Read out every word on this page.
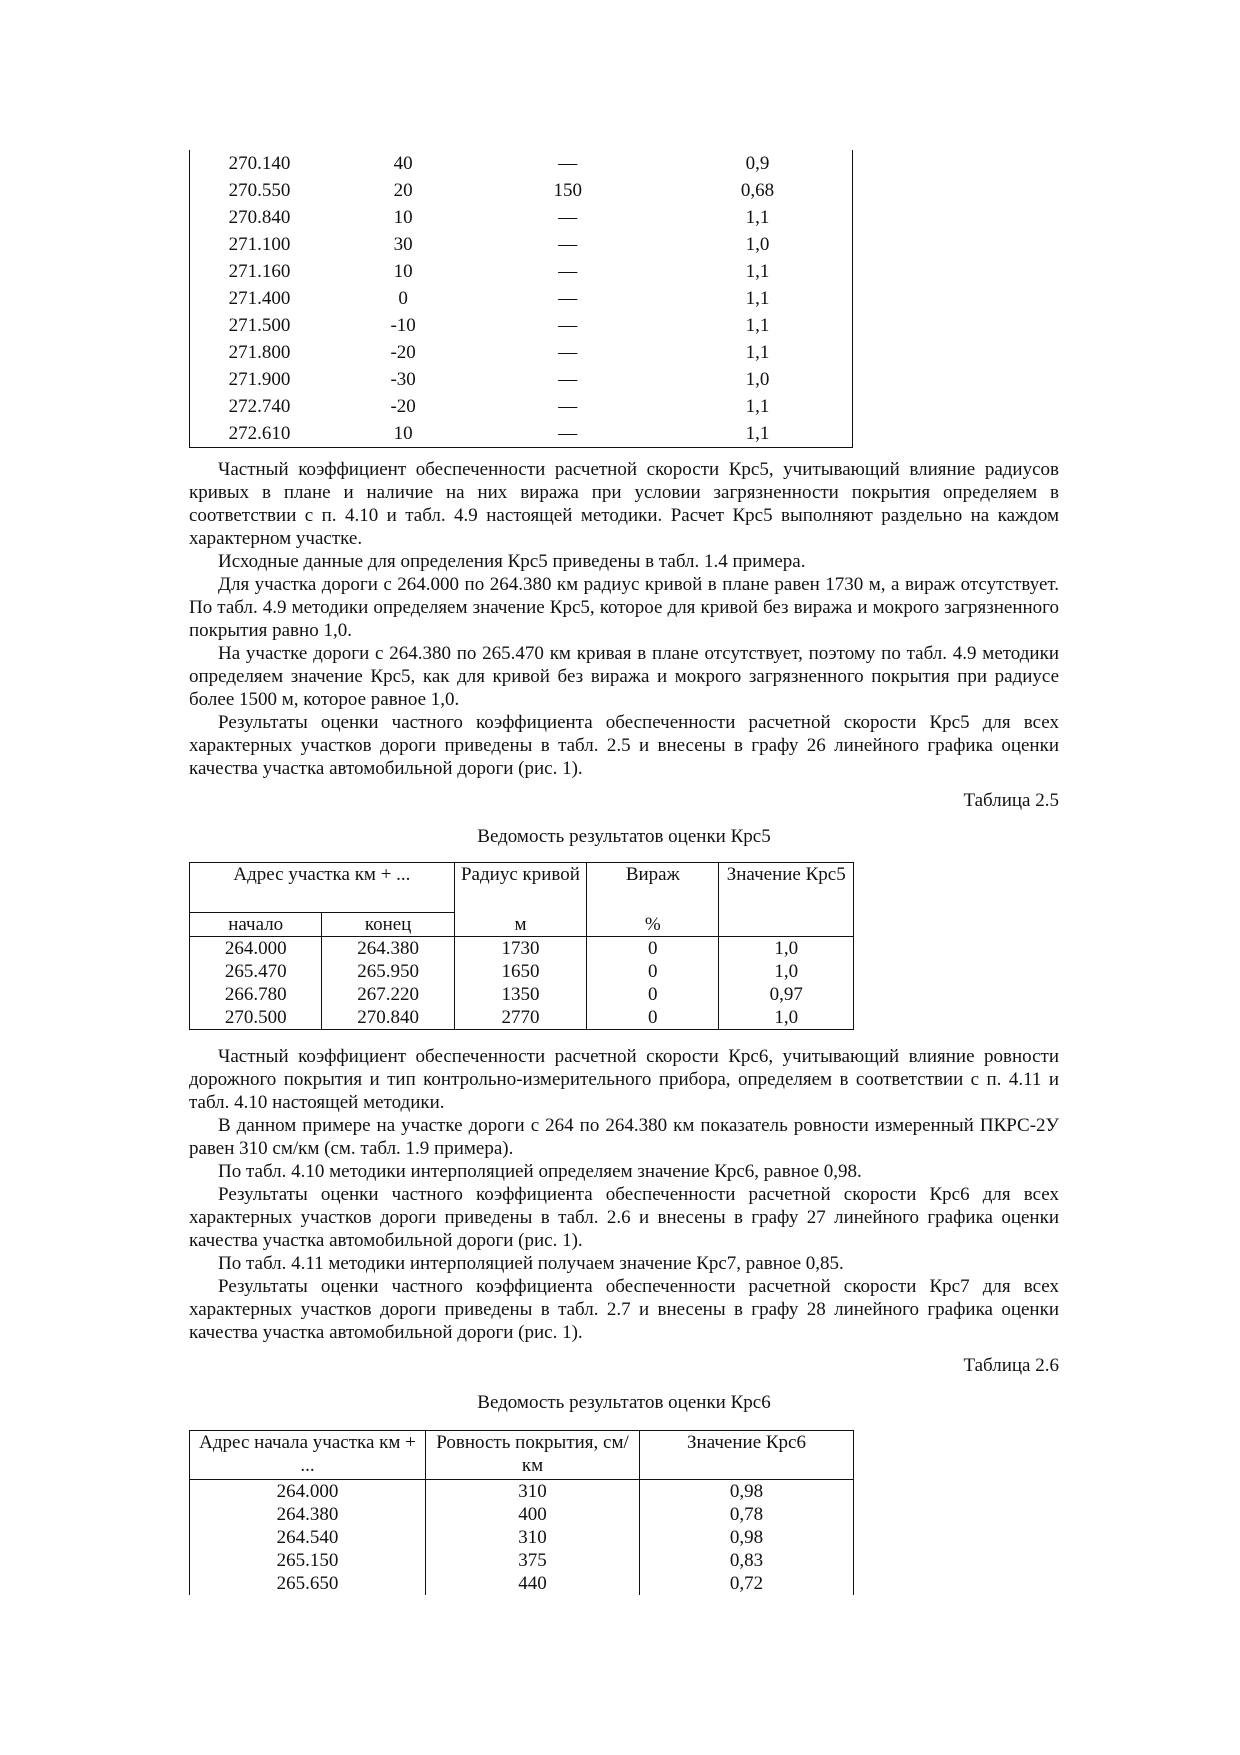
270.140	40	—	0,9
270.550	20	150	0,68
270.840	10	—	1,1
271.100	30	—	1,0
271.160	10	—	1,1
271.400	0	—	1,1
271.500	-10	—	1,1
271.800	-20	—	1,1
271.900	-30	—	1,0
272.740	-20	—	1,1
272.610	10	—	1,1

Частный коэффициент обеспеченности расчетной скорости Крс5, учитывающий влияние радиусов кривых в плане и наличие на них виража при условии загрязненности покрытия определяем в соответствии с п. 4.10 и табл. 4.9 настоящей методики. Расчет Крс5 выполняют раздельно на каждом характерном участке.

Исходные данные для определения Крс5 приведены в табл. 1.4 примера.

Для участка дороги с 264.000 по 264.380 км радиус кривой в плане равен 1730 м, а вираж отсутствует. По табл. 4.9 методики определяем значение Крс5, которое для кривой без виража и мокрого загрязненного покрытия равно 1,0.

На участке дороги с 264.380 по 265.470 км кривая в плане отсутствует, поэтому по табл. 4.9 методики определяем значение Крс5, как для кривой без виража и мокрого загрязненного покрытия при радиусе более 1500 м, которое равное 1,0.

Результаты оценки частного коэффициента обеспеченности расчетной скорости Крс5 для всех характерных участков дороги приведены в табл. 2.5 и внесены в графу 26 линейного графика оценки качества участка автомобильной дороги (рис. 1).

Таблица 2.5
Ведомость результатов оценки Крс5
Адрес участка км + ...		Радиус кривой	Вираж	Значение Крс5
начало	конец	м	%	
264.000	264.380	1730	0	1,0
265.470	265.950	1650	0	1,0
266.780	267.220	1350	0	0,97
270.500	270.840	2770	0	1,0

Частный коэффициент обеспеченности расчетной скорости Крс6, учитывающий влияние ровности дорожного покрытия и тип контрольно-измерительного прибора, определяем в соответствии с п. 4.11 и табл. 4.10 настоящей методики.

В данном примере на участке дороги с 264 по 264.380 км показатель ровности измеренный ПКРС-2У равен 310 см/км (см. табл. 1.9 примера).

По табл. 4.10 методики интерполяцией определяем значение Крс6, равное 0,98.

Результаты оценки частного коэффициента обеспеченности расчетной скорости Крс6 для всех характерных участков дороги приведены в табл. 2.6 и внесены в графу 27 линейного графика оценки качества участка автомобильной дороги (рис. 1).

По табл. 4.11 методики интерполяцией получаем значение Крс7, равное 0,85.

Результаты оценки частного коэффициента обеспеченности расчетной скорости Крс7 для всех характерных участков дороги приведены в табл. 2.7 и внесены в графу 28 линейного графика оценки качества участка автомобильной дороги (рис. 1).

Таблица 2.6
Ведомость результатов оценки Крс6
Адрес начала участка км + ...	Ровность покрытия, см/км	Значение Крс6
264.000	310	0,98
264.380	400	0,78
264.540	310	0,98
265.150	375	0,83
265.650	440	0,72
